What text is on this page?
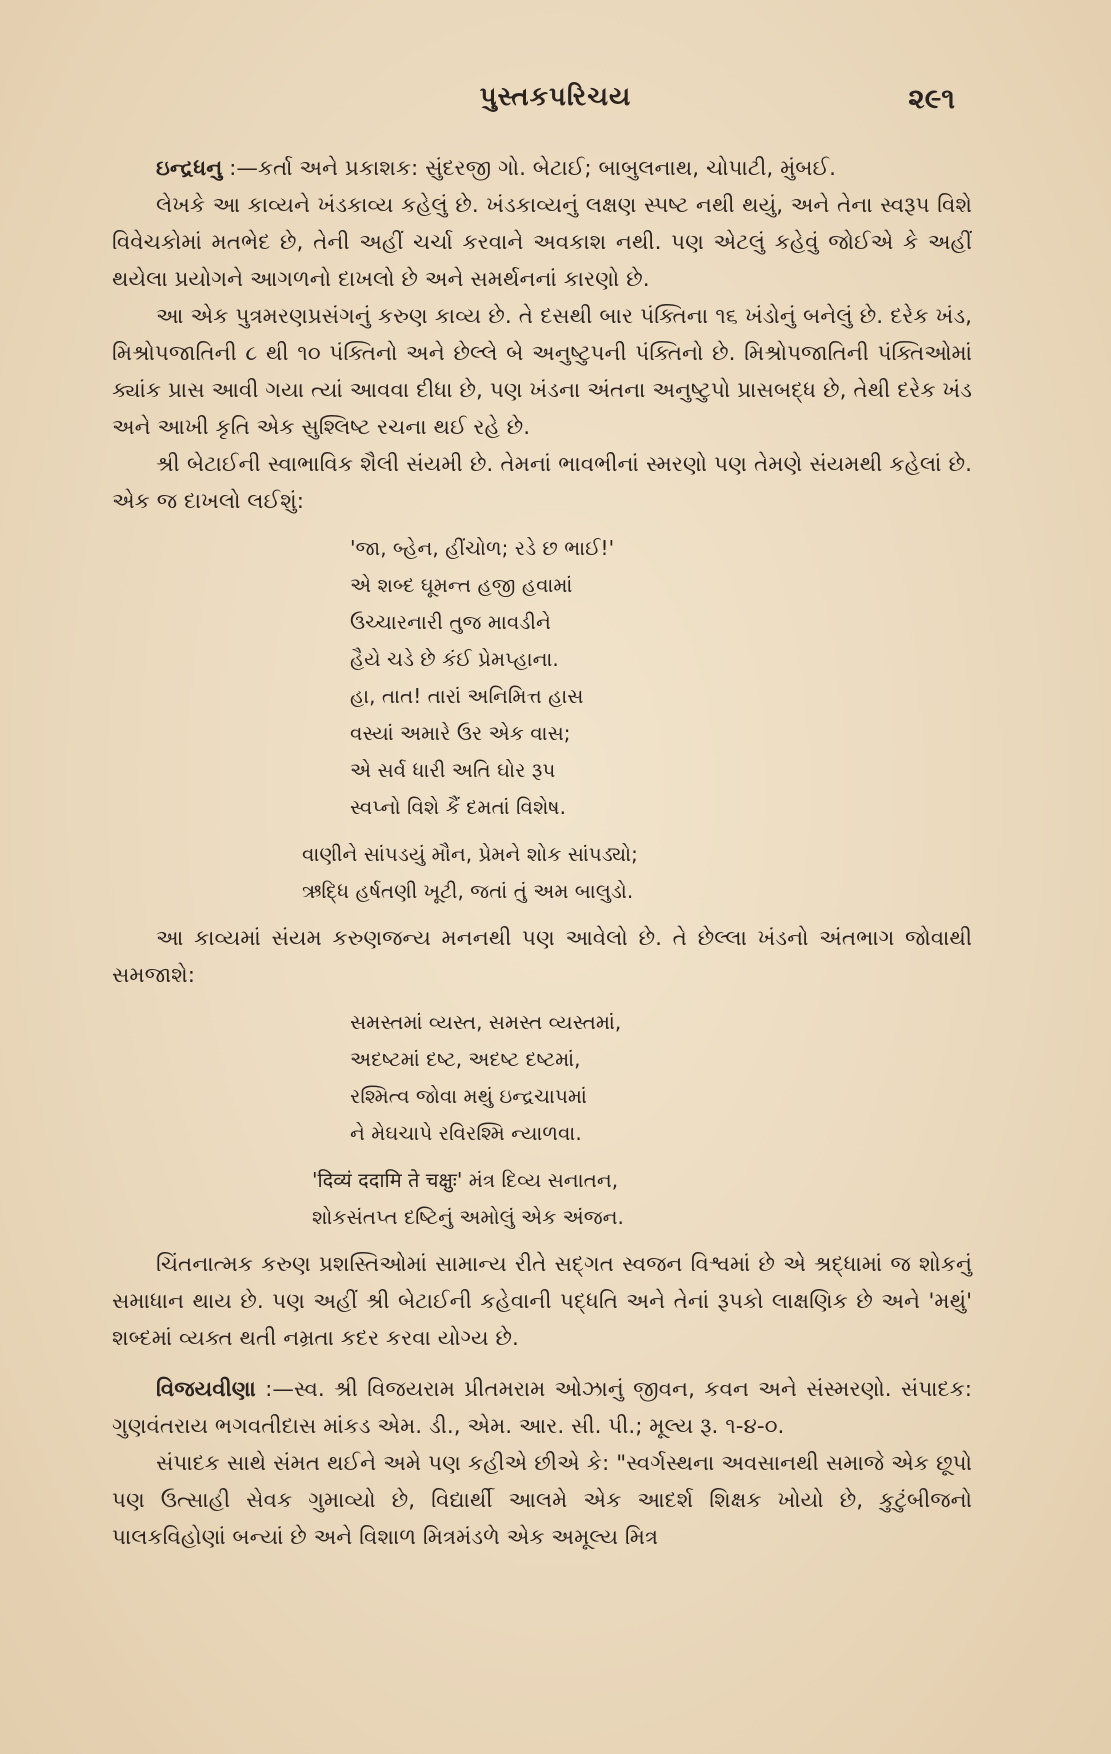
પુસ્તકપરિચય	૨૯૧

ઇન્દ્રધનુ :—કર્તા અને પ્રકાશક: સુંદરજી ગો. બેટાઈ; બાબુલનાથ, ચોપાટી, મુંબઈ.

લેખકે આ કાવ્યને ખંડકાવ્ય કહેલું છે. ખંડકાવ્યનું લક્ષણ સ્પષ્ટ નથી થયું, અને તેના સ્વરૂપ વિશે વિવેચકોમાં મતભેદ છે, તેની અહીં ચર્ચા કરવાને અવકાશ નથી. પણ એટલું કહેવું જોઈએ કે અહીં થયેલા પ્રયોગને આગળનો દાખલો છે અને સમર્થનનાં કારણો છે.

આ એક પુત્રમરણપ્રસંગનું કરુણ કાવ્ય છે. તે દસથી બાર પંક્તિના ૧૬ ખંડોનું બનેલું છે. દરેક ખંડ, મિશ્રોપજાતિની ૮ થી ૧૦ પંક્તિનો અને છેલ્લે બે અનુષ્ટુપની પંક્તિનો છે. મિશ્રોપજાતિની પંક્તિઓમાં ક્યાંક પ્રાસ આવી ગયા ત્યાં આવવા દીધા છે, પણ ખંડના અંતના અનુષ્ટુપો પ્રાસબદ્ધ છે, તેથી દરેક ખંડ અને આખી કૃતિ એક સુશ્લિષ્ટ રચના થઈ રહે છે.

શ્રી બેટાઈની સ્વાભાવિક શૈલી સંયમી છે. તેમનાં ભાવભીનાં સ્મરણો પણ તેમણે સંયમથી કહેલાં છે. એક જ દાખલો લઈશું:

'જા, બ્હેન, હીંચોળ; રડે છ ભાઈ!'
એ શબ્દ ઘૂમન્ત હજી હવામાં
ઉચ્ચારનારી તુજ માવડીને
હૈયે ચડે છે કંઈ પ્રેમપ્હાના.
હા, તાત! તારાં અનિમિત્ત હાસ
વસ્યાં અમારે ઉર એક વાસ;
એ સર્વ ધારી અતિ ઘોર રૂપ
સ્વપ્નો વિશે કૈં દમતાં વિશેષ.
વાણીને સાંપડયું મૌન, પ્રેમને શોક સાંપડ્યો;
ઋદ્ધિ હર્ષતણી ખૂટી, જતાં તું અમ બાલુડો.

આ કાવ્યમાં સંયમ કરુણજન્ય મનનથી પણ આવેલો છે. તે છેલ્લા ખંડનો અંતભાગ જોવાથી સમજાશે:

સમસ્તમાં વ્યસ્ત, સમસ્ત વ્યસ્તમાં,
અદષ્ટમાં દષ્ટ, અદષ્ટ દષ્ટમાં,
રશ્મિત્વ જોવા મથું ઇન્દ્રચાપમાં
ને મેઘચાપે રવિરશ્મિ ન્યાળવા.
'दिव्यं ददामि ते चक्षुः' મંત્ર દિવ્ય સનાતન,
શોકસંતપ્ત દષ્ટિનું અમોલું એક અંજન.

ચિંતનાત્મક કરુણ પ્રશસ્તિઓમાં સામાન્ય રીતે સદ્ગત સ્વજન વિશ્વમાં છે એ શ્રદ્ધામાં જ શોકનું સમાધાન થાય છે. પણ અહીં શ્રી બેટાઈની કહેવાની પદ્ધતિ અને તેનાં રૂપકો લાક્ષણિક છે અને 'મથું' શબ્દમાં વ્યક્ત થતી નમ્રતા કદર કરવા યોગ્ય છે.

વિજયવીણા :—સ્વ. શ્રી વિજયરામ પ્રીતમરામ ઓઝાનું જીવન, કવન અને સંસ્મરણો. સંપાદક: ગુણવંતરાય ભગવતીદાસ માંકડ એમ. ડી., એમ. આર. સી. પી.; મૂલ્ય રૂ. ૧-૪-૦.

સંપાદક સાથે સંમત થઈને અમે પણ કહીએ છીએ કે: "સ્વર્ગસ્થના અવસાનથી સમાજે એક છૂપો પણ ઉત્સાહી સેવક ગુમાવ્યો છે, વિદ્યાર્થી આલમે એક આદર્શ શિક્ષક ખોયો છે, કુટુંબીજનો પાલકવિહોણાં બન્યાં છે અને વિશાળ મિત્રમંડળે એક અમૂલ્ય મિત્ર
